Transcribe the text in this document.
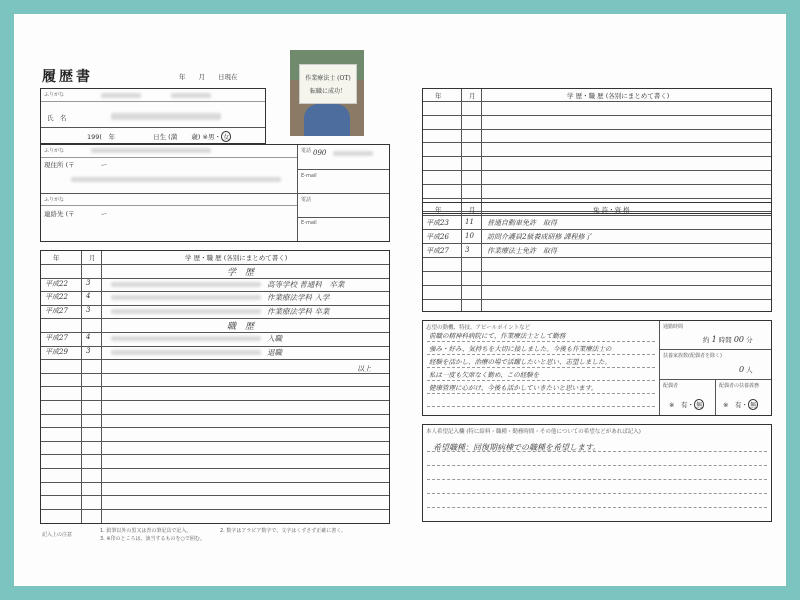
履歴書	年　　月　　日現在	作業療法士 (OT)
転職に成功！
ふりがな
氏　名
199(　年	日生 (満 歳) ※男・ 女
ふりがな
現住所 (〒	ー
電話 090
E-mail
ふりがな
連絡先 (〒	ー
電話
E-mail
年	月	学 歴・職 歴 (各別にまとめて書く)
学　歴
平成22	3	高等学校 普通科　卒業
平成22	4	作業療法学科 入学
平成27	3	作業療法学科 卒業
職　歴
平成27	4	入職
平成29	3	退職
以上
記入上の注意
1. 鉛筆以外の黒又は青の筆記具で記入。	2. 数字はアラビア数字で、文字はくずさず正確に書く。
3. ※印のところは、該当するものを○で囲む。
年	月	学 歴・職 歴 (各別にまとめて書く)
年	月	免 許・資 格
平成23 11 普通自動車免許　取得
平成26 10 訪問介護員2級養成研修 課程修了
平成27 3	作業療法士免許　取得
志望の動機、特技、アピールポイントなど
前職の精神科病院にて、作業療法士として勤務
強み・好み、気持ちを大切に接しました。今後も作業療法士の
経験を活かし、治療の場で活躍したいと思い、志望しました。
私は一度も欠席なく勤め、この経験を
健康管理に心がけ、今後も活かしていきたいと思います。
通勤時間
約 1 時間 00 分
扶養家族数(配偶者を除く)
0 人
配偶者	配偶者の扶養義務
※　有・ 無	※　有・ 無
本人希望記入欄 (特に給料・職種・勤務時間・その他についての希望などがあれば記入)
希望職種：回復期病棟での職種を希望します。
